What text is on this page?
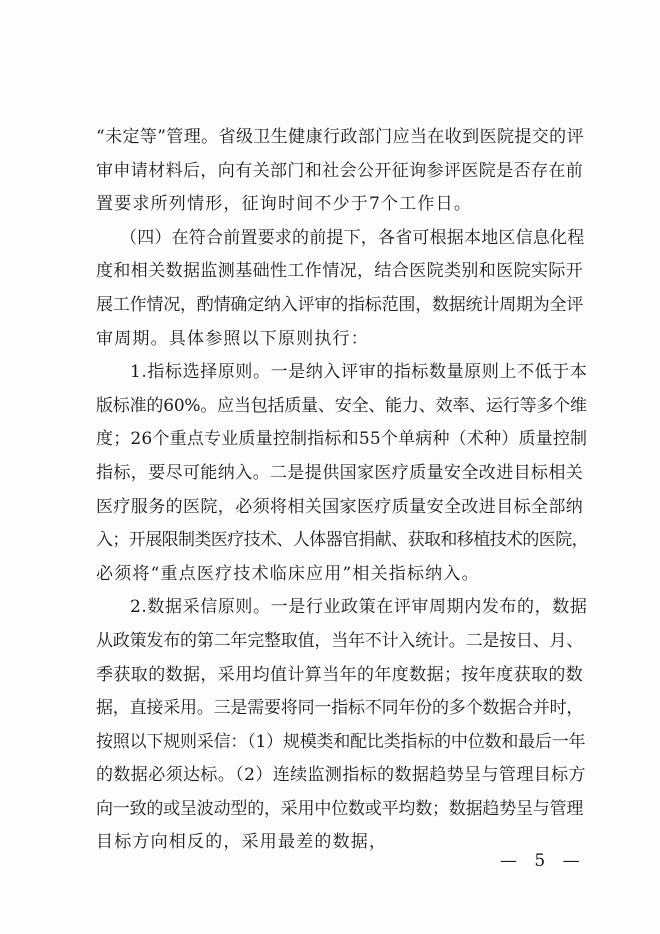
“未定等”管理。省级卫生健康行政部门应当在收到医院提交的评
审申请材料后，向有关部门和社会公开征询参评医院是否存在前
置要求所列情形，征询时间不少于7个工作日。
（四）在符合前置要求的前提下，各省可根据本地区信息化程
度和相关数据监测基础性工作情况，结合医院类别和医院实际开
展工作情况，酌情确定纳入评审的指标范围，数据统计周期为全评
审周期。具体参照以下原则执行：
1.指标选择原则。一是纳入评审的指标数量原则上不低于本
版标准的60%。应当包括质量、安全、能力、效率、运行等多个维
度；26个重点专业质量控制指标和55个单病种（术种）质量控制
指标，要尽可能纳入。二是提供国家医疗质量安全改进目标相关
医疗服务的医院，必须将相关国家医疗质量安全改进目标全部纳
入；开展限制类医疗技术、人体器官捐献、获取和移植技术的医院，
必须将“重点医疗技术临床应用”相关指标纳入。
2.数据采信原则。一是行业政策在评审周期内发布的，数据
从政策发布的第二年完整取值，当年不计入统计。二是按日、月、
季获取的数据，采用均值计算当年的年度数据；按年度获取的数
据，直接采用。三是需要将同一指标不同年份的多个数据合并时，
按照以下规则采信：（1）规模类和配比类指标的中位数和最后一年
的数据必须达标。（2）连续监测指标的数据趋势呈与管理目标方
向一致的或呈波动型的，采用中位数或平均数；数据趋势呈与管理
目标方向相反的，采用最差的数据，
— 5 —
